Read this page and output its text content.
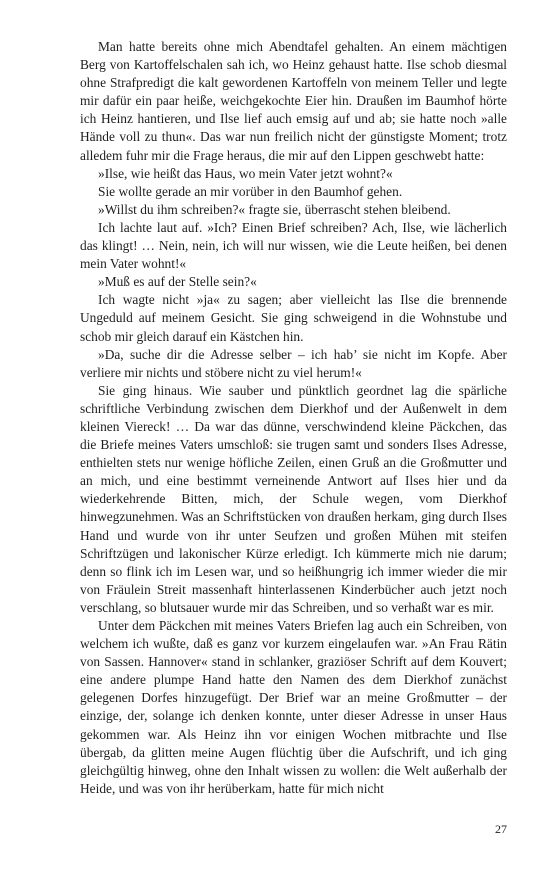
Man hatte bereits ohne mich Abendtafel gehalten. An einem mächtigen Berg von Kartoffelschalen sah ich, wo Heinz gehaust hatte. Ilse schob diesmal ohne Strafpredigt die kalt gewordenen Kartoffeln von meinem Teller und legte mir dafür ein paar heiße, weichgekochte Eier hin. Draußen im Baumhof hörte ich Heinz hantieren, und Ilse lief auch emsig auf und ab; sie hatte noch »alle Hände voll zu thun«. Das war nun freilich nicht der günstigste Moment; trotz alledem fuhr mir die Frage heraus, die mir auf den Lippen geschwebt hatte:

»Ilse, wie heißt das Haus, wo mein Vater jetzt wohnt?«

Sie wollte gerade an mir vorüber in den Baumhof gehen.

»Willst du ihm schreiben?« fragte sie, überrascht stehen bleibend.

Ich lachte laut auf. »Ich? Einen Brief schreiben? Ach, Ilse, wie lächerlich das klingt! … Nein, nein, ich will nur wissen, wie die Leute heißen, bei denen mein Vater wohnt!«

»Muß es auf der Stelle sein?«

Ich wagte nicht »ja« zu sagen; aber vielleicht las Ilse die brennende Ungeduld auf meinem Gesicht. Sie ging schweigend in die Wohnstube und schob mir gleich darauf ein Kästchen hin.

»Da, suche dir die Adresse selber – ich hab’ sie nicht im Kopfe. Aber verliere mir nichts und stöbere nicht zu viel herum!«

Sie ging hinaus. Wie sauber und pünktlich geordnet lag die spärliche schriftliche Verbindung zwischen dem Dierkhof und der Außenwelt in dem kleinen Viereck! … Da war das dünne, verschwindend kleine Päckchen, das die Briefe meines Vaters umschloß: sie trugen samt und sonders Ilses Adresse, enthielten stets nur wenige höfliche Zeilen, einen Gruß an die Großmutter und an mich, und eine bestimmt verneinende Antwort auf Ilses hier und da wiederkehrende Bitten, mich, der Schule wegen, vom Dierkhof hinwegzunehmen. Was an Schriftstücken von draußen herkam, ging durch Ilses Hand und wurde von ihr unter Seufzen und großen Mühen mit steifen Schriftzügen und lakonischer Kürze erledigt. Ich kümmerte mich nie darum; denn so flink ich im Lesen war, und so heißhungrig ich immer wieder die mir von Fräulein Streit massenhaft hinterlassenen Kinderbücher auch jetzt noch verschlang, so blutsauer wurde mir das Schreiben, und so verhaßt war es mir.

Unter dem Päckchen mit meines Vaters Briefen lag auch ein Schreiben, von welchem ich wußte, daß es ganz vor kurzem eingelaufen war. »An Frau Rätin von Sassen. Hannover« stand in schlanker, graziöser Schrift auf dem Kouvert; eine andere plumpe Hand hatte den Namen des dem Dierkhof zunächst gelegenen Dorfes hinzugefügt. Der Brief war an meine Großmutter – der einzige, der, solange ich denken konnte, unter dieser Adresse in unser Haus gekommen war. Als Heinz ihn vor einigen Wochen mitbrachte und Ilse übergab, da glitten meine Augen flüchtig über die Aufschrift, und ich ging gleichgültig hinweg, ohne den Inhalt wissen zu wollen: die Welt außerhalb der Heide, und was von ihr herüberkam, hatte für mich nicht

27
